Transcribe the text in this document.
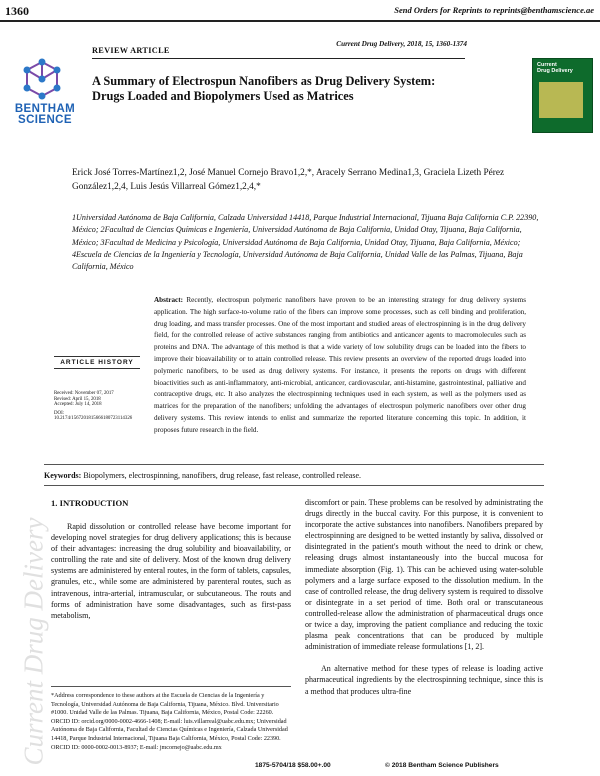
Current Drug Delivery
1360	Send Orders for Reprints to reprints@benthamscience.ae
Current Drug Delivery, 2018, 15, 1360-1374
REVIEW ARTICLE
BENTHAM
SCIENCE
Current
Drug Delivery
A Summary of Electrospun Nanofibers as Drug Delivery System: Drugs Loaded and Biopolymers Used as Matrices
Erick José Torres-Martínez1,2, José Manuel Cornejo Bravo1,2,*, Aracely Serrano Medina1,3, Graciela Lizeth Pérez González1,2,4, Luis Jesús Villarreal Gómez1,2,4,*
1Universidad Autónoma de Baja California, Calzada Universidad 14418, Parque Industrial Internacional, Tijuana Baja California C.P. 22390, México; 2Facultad de Ciencias Químicas e Ingeniería, Universidad Autónoma de Baja California, Unidad Otay, Tijuana, Baja California, México; 3Facultad de Medicina y Psicología, Universidad Autónoma de Baja California, Unidad Otay, Tijuana, Baja California, México; 4Escuela de Ciencias de la Ingeniería y Tecnología, Universidad Autónoma de Baja California, Unidad Valle de las Palmas, Tijuana, Baja California, México
Abstract: Recently, electrospun polymeric nanofibers have proven to be an interesting strategy for drug delivery systems application. The high surface-to-volume ratio of the fibers can improve some processes, such as cell binding and proliferation, drug loading, and mass transfer processes. One of the most important and studied areas of electrospinning is in the drug delivery field, for the controlled release of active substances ranging from antibiotics and anticancer agents to macromolecules such as proteins and DNA. The advantage of this method is that a wide variety of low solubility drugs can be loaded into the fibers to improve their bioavailability or to attain controlled release. This review presents an overview of the reported drugs loaded into polymeric nanofibers, to be used as drug delivery systems. For instance, it presents the reports on drugs with different bioactivities such as anti-inflammatory, anti-microbial, anticancer, cardiovascular, anti-histamine, gastrointestinal, palliative and contraceptive drugs, etc. It also analyzes the electrospinning techniques used in each system, as well as the polymers used as matrices for the preparation of the nanofibers; unfolding the advantages of electrospun polymeric nanofibers over other drug delivery systems. This review intends to enlist and summarize the reported literature concerning this topic. In addition, it proposes future research in the field.
ARTICLE HISTORY
Received: November 07, 2017
Revised: April 15, 2018
Accepted: July 14, 2018
DOI:
10.2174/1567201815666180723114326
Keywords: Biopolymers, electrospinning, nanofibers, drug release, fast release, controlled release.
1. INTRODUCTION

Rapid dissolution or controlled release have become important for developing novel strategies for drug delivery applications; this is because of their advantages: increasing the drug solubility and bioavailability, or controlling the rate and site of delivery. Most of the known drug delivery systems are administered by enteral routes, in the form of tablets, capsules, granules, etc., while some are administered by parenteral routes, such as intravenous, intra-arterial, intramuscular, or subcutaneous. The routs and forms of administration have some disadvantages, such as first-pass metabolism,

discomfort or pain. These problems can be resolved by administrating the drugs directly in the buccal cavity. For this purpose, it is convenient to incorporate the active substances into nanofibers. Nanofibers prepared by electrospinning are designed to be wetted instantly by saliva, dissolved or disintegrated in the patient's mouth without the need to drink or chew, releasing drugs almost instantaneously into the buccal mucosa for immediate absorption (Fig. 1). This can be achieved using water-soluble polymers and a large surface exposed to the dissolution medium. In the case of controlled release, the drug delivery system is required to dissolve or disintegrate in a set period of time. Both oral or transcutaneous controlled-release allow the administration of pharmaceutical drugs once or twice a day, improving the patient compliance and reducing the toxic plasma peak concentrations that can be produced by multiple administration of immediate release formulations [1, 2].

An alternative method for these types of release is loading active pharmaceutical ingredients by the electrospinning technique, since this is a method that produces ultra-fine

*Address correspondence to these authors at the Escuela de Ciencias de la Ingeniería y Tecnología, Universidad Autónoma de Baja California, Tijuana, México. Blvd. Universitario #1000. Unidad Valle de las Palmas. Tijuana, Baja California, México, Postal Code: 22260. ORCID ID: orcid.org/0000-0002-4666-1408; E-mail: luis.villarreal@uabc.edu.mx; Universidad Autónoma de Baja California, Facultad de Ciencias Químicas e Ingeniería, Calzada Universidad 14418, Parque Industrial Internacional, Tijuana Baja California, México, Postal Code: 22390. ORCID ID: 0000-0002-0013-8937; E-mail: jmcornejo@uabc.edu.mx
1875-5704/18 $58.00+.00	© 2018 Bentham Science Publishers
